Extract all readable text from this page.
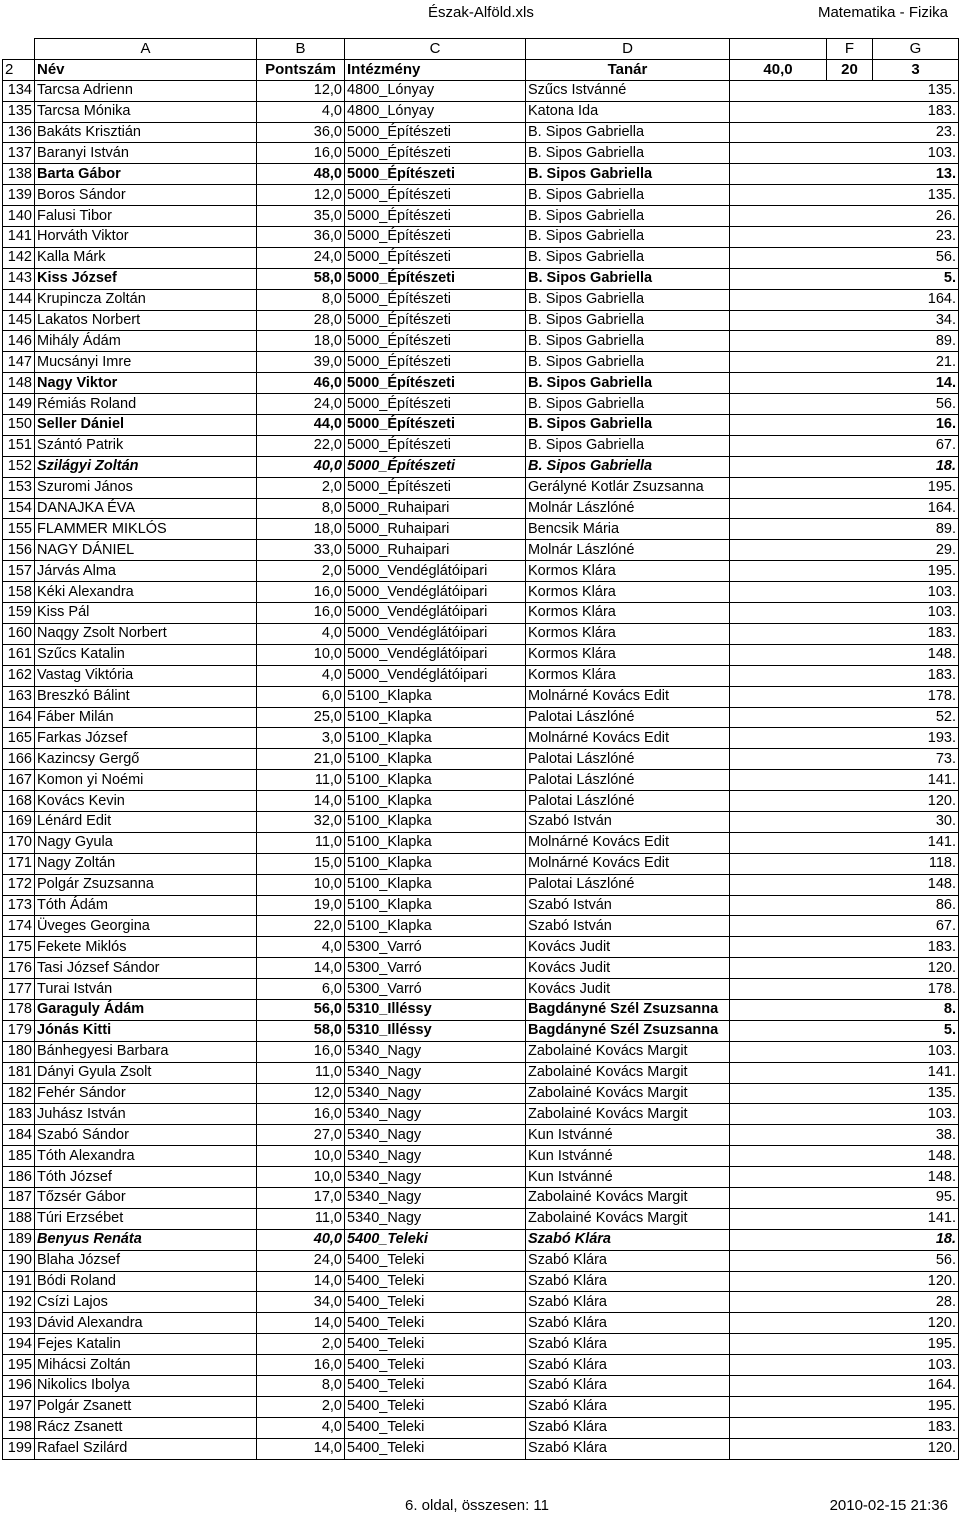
Észak-Alföld.xls	Matematika - Fizika
	A	B	C	D		F	G
2	Név	Pontszám	Intézmény	Tanár	40,0	20	3
134	Tarcsa Adrienn	12,0	4800_Lónyay	Szűcs Istvánné	135.		
135	Tarcsa Mónika	4,0	4800_Lónyay	Katona Ida	183.		
136	Bakáts Krisztián	36,0	5000_Építészeti	B. Sipos Gabriella	23.		
137	Baranyi István	16,0	5000_Építészeti	B. Sipos Gabriella	103.		
138	Barta Gábor	48,0	5000_Építészeti	B. Sipos Gabriella	13.		
139	Boros Sándor	12,0	5000_Építészeti	B. Sipos Gabriella	135.		
140	Falusi Tibor	35,0	5000_Építészeti	B. Sipos Gabriella	26.		
141	Horváth Viktor	36,0	5000_Építészeti	B. Sipos Gabriella	23.		
142	Kalla Márk	24,0	5000_Építészeti	B. Sipos Gabriella	56.		
143	Kiss József	58,0	5000_Építészeti	B. Sipos Gabriella	5.		
144	Krupincza Zoltán	8,0	5000_Építészeti	B. Sipos Gabriella	164.		
145	Lakatos Norbert	28,0	5000_Építészeti	B. Sipos Gabriella	34.		
146	Mihály Ádám	18,0	5000_Építészeti	B. Sipos Gabriella	89.		
147	Mucsányi Imre	39,0	5000_Építészeti	B. Sipos Gabriella	21.		
148	Nagy Viktor	46,0	5000_Építészeti	B. Sipos Gabriella	14.		
149	Rémiás Roland	24,0	5000_Építészeti	B. Sipos Gabriella	56.		
150	Seller Dániel	44,0	5000_Építészeti	B. Sipos Gabriella	16.		
151	Szántó Patrik	22,0	5000_Építészeti	B. Sipos Gabriella	67.		
152	Szilágyi Zoltán	40,0	5000_Építészeti	B. Sipos Gabriella	18.		
153	Szuromi János	2,0	5000_Építészeti	Gerályné Kotlár Zsuzsanna	195.		
154	DANAJKA ÉVA	8,0	5000_Ruhaipari	Molnár Lászlóné	164.		
155	FLAMMER MIKLÓS	18,0	5000_Ruhaipari	Bencsik Mária	89.		
156	NAGY DÁNIEL	33,0	5000_Ruhaipari	Molnár Lászlóné	29.		
157	Járvás Alma	2,0	5000_Vendéglátóipari	Kormos Klára	195.		
158	Kéki Alexandra	16,0	5000_Vendéglátóipari	Kormos Klára	103.		
159	Kiss Pál	16,0	5000_Vendéglátóipari	Kormos Klára	103.		
160	Naqgy Zsolt Norbert	4,0	5000_Vendéglátóipari	Kormos Klára	183.		
161	Szűcs Katalin	10,0	5000_Vendéglátóipari	Kormos Klára	148.		
162	Vastag Viktória	4,0	5000_Vendéglátóipari	Kormos Klára	183.		
163	Breszkó Bálint	6,0	5100_Klapka	Molnárné Kovács Edit	178.		
164	Fáber Milán	25,0	5100_Klapka	Palotai Lászlóné	52.		
165	Farkas József	3,0	5100_Klapka	Molnárné Kovács Edit	193.		
166	Kazincsy Gergő	21,0	5100_Klapka	Palotai Lászlóné	73.		
167	Komon yi Noémi	11,0	5100_Klapka	Palotai Lászlóné	141.		
168	Kovács Kevin	14,0	5100_Klapka	Palotai Lászlóné	120.		
169	Lénárd Edit	32,0	5100_Klapka	Szabó István	30.		
170	Nagy Gyula	11,0	5100_Klapka	Molnárné Kovács Edit	141.		
171	Nagy Zoltán	15,0	5100_Klapka	Molnárné Kovács Edit	118.		
172	Polgár Zsuzsanna	10,0	5100_Klapka	Palotai Lászlóné	148.		
173	Tóth Ádám	19,0	5100_Klapka	Szabó István	86.		
174	Üveges Georgina	22,0	5100_Klapka	Szabó István	67.		
175	Fekete Miklós	4,0	5300_Varró	Kovács Judit	183.		
176	Tasi József Sándor	14,0	5300_Varró	Kovács Judit	120.		
177	Turai István	6,0	5300_Varró	Kovács Judit	178.		
178	Garaguly Ádám	56,0	5310_Illéssy	Bagdányné Szél Zsuzsanna	8.		
179	Jónás Kitti	58,0	5310_Illéssy	Bagdányné Szél Zsuzsanna	5.		
180	Bánhegyesi Barbara	16,0	5340_Nagy	Zabolainé Kovács Margit	103.		
181	Dányi Gyula Zsolt	11,0	5340_Nagy	Zabolainé Kovács Margit	141.		
182	Fehér Sándor	12,0	5340_Nagy	Zabolainé Kovács Margit	135.		
183	Juhász István	16,0	5340_Nagy	Zabolainé Kovács Margit	103.		
184	Szabó Sándor	27,0	5340_Nagy	Kun Istvánné	38.		
185	Tóth Alexandra	10,0	5340_Nagy	Kun Istvánné	148.		
186	Tóth József	10,0	5340_Nagy	Kun Istvánné	148.		
187	Tőzsér Gábor	17,0	5340_Nagy	Zabolainé Kovács Margit	95.		
188	Túri Erzsébet	11,0	5340_Nagy	Zabolainé Kovács Margit	141.		
189	Benyus Renáta	40,0	5400_Teleki	Szabó Klára	18.		
190	Blaha József	24,0	5400_Teleki	Szabó Klára	56.		
191	Bódi Roland	14,0	5400_Teleki	Szabó Klára	120.		
192	Csízi Lajos	34,0	5400_Teleki	Szabó Klára	28.		
193	Dávid Alexandra	14,0	5400_Teleki	Szabó Klára	120.		
194	Fejes Katalin	2,0	5400_Teleki	Szabó Klára	195.		
195	Mihácsi Zoltán	16,0	5400_Teleki	Szabó Klára	103.		
196	Nikolics Ibolya	8,0	5400_Teleki	Szabó Klára	164.		
197	Polgár Zsanett	2,0	5400_Teleki	Szabó Klára	195.		
198	Rácz Zsanett	4,0	5400_Teleki	Szabó Klára	183.		
199	Rafael Szilárd	14,0	5400_Teleki	Szabó Klára	120.		
6. oldal, összesen: 11	2010-02-15 21:36
